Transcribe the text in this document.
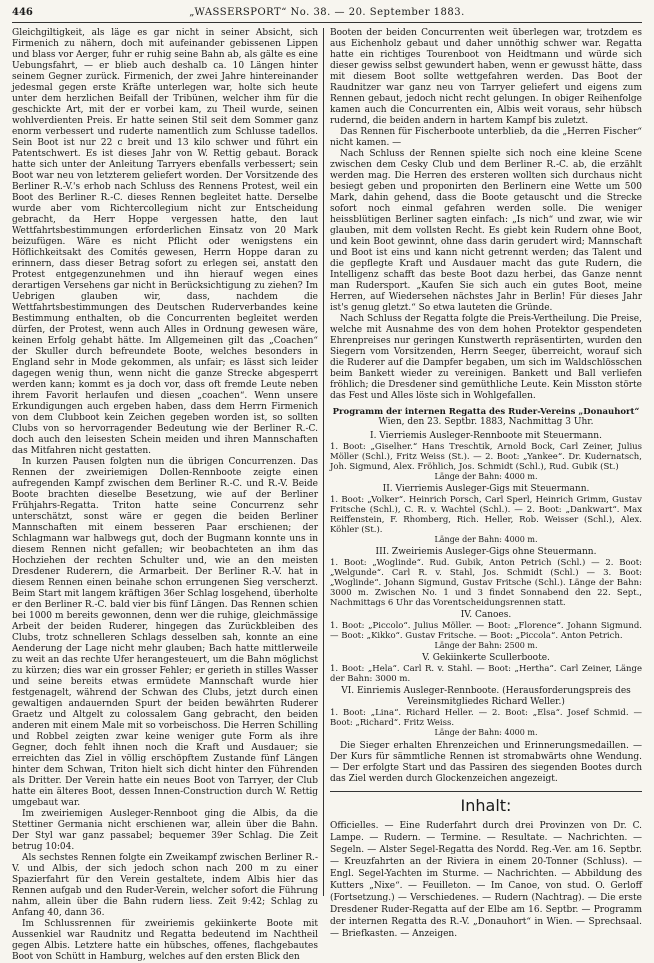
446	„WASSERSPORT“ No. 38. — 20. September 1883.

Gleichgiltigkeit, als läge es gar nicht in seiner Absicht, sich Firmenich zu nähern, doch mit aufeinander gebissenen Lippen und blass vor Aerger, fuhr er ruhig seine Bahn ab, als gälte es eine Uebungsfahrt, — er blieb auch deshalb ca. 10 Längen hinter seinem Gegner zurück. Firmenich, der zwei Jahre hintereinander jedesmal gegen erste Kräfte unterlegen war, holte sich heute unter dem herzlichen Beifall der Tribünen, welcher ihm für die geschickte Art, mit der er vorbei kam, zu Theil wurde, seinen wohlverdienten Preis. Er hatte seinen Stil seit dem Sommer ganz enorm verbessert und ruderte namentlich zum Schlusse tadellos. Sein Boot ist nur 22 c breit und 13 kilo schwer und führt ein Patentschwert. Es ist dieses Jahr von W. Rettig gebaut. Borack hatte sich unter der Anleitung Tarryers ebenfalls verbessert; sein Boot war neu von letzterem geliefert worden. Der Vorsitzende des Berliner R.-V.'s erhob nach Schluss des Rennens Protest, weil ein Boot des Berliner R.-C. dieses Rennen begleitet hatte. Derselbe wurde aber vom Richtercollegium nicht zur Entscheidung gebracht, da Herr Hoppe vergessen hatte, den laut Wettfahrtsbestimmungen erforderlichen Einsatz von 20 Mark beizufügen. Wäre es nicht Pflicht oder wenigstens ein Höflichkeitsakt des Comités gewesen, Herrn Hoppe daran zu erinnern, dass dieser Betrag sofort zu erlegen sei, anstatt den Protest entgegenzunehmen und ihn hierauf wegen eines derartigen Versehens gar nicht in Berücksichtigung zu ziehen? Im Uebrigen glauben wir, dass, nachdem die Wettfahrtsbestimmungen des Deutschen Ruderverbandes keine Bestimmung enthalten, ob die Concurrenten begleitet werden dürfen, der Protest, wenn auch Alles in Ordnung gewesen wäre, keinen Erfolg gehabt hätte. Im Allgemeinen gilt das „Coachen“ der Skuller durch befreundete Boote, welches besonders in England sehr in Mode gekommen, als unfair; es lässt sich leider dagegen wenig thun, wenn nicht die ganze Strecke abgesperrt werden kann; kommt es ja doch vor, dass oft fremde Leute neben ihrem Favorit herlaufen und diesen „coachen“. Wenn unsere Erkundigungen auch ergeben haben, dass dem Herrn Firmenich von dem Clubboot kein Zeichen gegeben worden ist, so sollten Clubs von so hervorragender Bedeutung wie der Berliner R.-C. doch auch den leisesten Schein meiden und ihren Mannschaften das Mitfahren nicht gestatten.

In kurzen Pausen folgten nun die übrigen Concurrenzen. Das Rennen der zweiriemigen Dollen-Rennboote zeigte einen aufregenden Kampf zwischen dem Berliner R.-C. und R.-V. Beide Boote brachten dieselbe Besetzung, wie auf der Berliner Frühjahrs-Regatta. Triton hatte seine Concurrenz sehr unterschätzt, sonst wäre er gegen die beiden Berliner Mannschaften mit einem besseren Paar erschienen; der Schlagmann war halbwegs gut, doch der Bugmann konnte uns in diesem Rennen nicht gefallen; wir beobachteten an ihm das Hochziehen der rechten Schulter und, wie an den meisten Dresdener Ruderern, die Armarbeit. Der Berliner R.-V. hat in diesem Rennen einen beinahe schon errungenen Sieg verscherzt. Beim Start mit langem kräftigen 36er Schlag losgehend, überholte er den Berliner R.-C. bald vier bis fünf Längen. Das Rennen schien bei 1000 m bereits gewonnen, denn wer die ruhige, gleichmässige Arbeit der beiden Ruderer, hingegen das Zurückbleiben des Clubs, trotz schnelleren Schlags desselben sah, konnte an eine Aenderung der Lage nicht mehr glauben; Bach hatte mittlerweile zu weit an das rechte Ufer herangesteuert, um die Bahn möglichst zu kürzen; dies war ein grosser Fehler; er gerieth in stilles Wasser und seine bereits etwas ermüdete Mannschaft wurde hier festgenagelt, während der Schwan des Clubs, jetzt durch einen gewaltigen andauernden Spurt der beiden bewährten Ruderer Graetz und Altgelt zu colossalem Gang gebracht, den beiden anderen mit einem Male mit so vorbeischoss. Die Herren Schilling und Robbel zeigten zwar keine weniger gute Form als ihre Gegner, doch fehlt ihnen noch die Kraft und Ausdauer; sie erreichten das Ziel in völlig erschöpftem Zustande fünf Längen hinter dem Schwan, Triton hielt sich dicht hinter den Führenden als Dritter. Der Verein hatte ein neues Boot von Tarryer, der Club hatte ein älteres Boot, dessen Innen-Construction durch W. Rettig umgebaut war.

Im zweiriemigen Ausleger-Rennboot ging die Albis, da die Stettiner Germania nicht erschienen war, allein über die Bahn. Der Styl war ganz passabel; bequemer 39er Schlag. Die Zeit betrug 10:04.

Als sechstes Rennen folgte ein Zweikampf zwischen Berliner R.-V. und Albis, der sich jedoch schon nach 200 m zu einer Spazierfahrt für den Verein gestaltete, indem Albis hier das Rennen aufgab und den Ruder-Verein, welcher sofort die Führung nahm, allein über die Bahn rudern liess. Zeit 9:42; Schlag zu Anfang 40, dann 36.

Im Schlussrennen für zweiriemis gekiinkerte Boote mit Aussenkiel war Raudnitz und Regatta bedeutend im Nachtheil gegen Albis. Letztere hatte ein hübsches, offenes, flachgebautes Boot von Schütt in Hamburg, welches auf den ersten Blick den

Booten der beiden Concurrenten weit überlegen war, trotzdem es aus Eichenholz gebaut und daher unnöthig schwer war. Regatta hatte ein richtiges Tourenboot von Heidtmann und würde sich dieser gewiss selbst gewundert haben, wenn er gewusst hätte, dass mit diesem Boot sollte wettgefahren werden. Das Boot der Raudnitzer war ganz neu von Tarryer geliefert und eigens zum Rennen gebaut, jedoch nicht recht gelungen. In obiger Reihenfolge kamen auch die Concurrenten ein, Albis weit voraus, sehr hübsch rudernd, die beiden andern in hartem Kampf bis zuletzt.

Das Rennen für Fischerboote unterblieb, da die „Herren Fischer“ nicht kamen. —

Nach Schluss der Rennen spielte sich noch eine kleine Scene zwischen dem Cesky Club und dem Berliner R.-C. ab, die erzählt werden mag. Die Herren des ersteren wollten sich durchaus nicht besiegt geben und proponirten den Berlinern eine Wette um 500 Mark, dahin gehend, dass die Boote getauscht und die Strecke sofort noch einmal gefahren werden solle. Die weniger heissblütigen Berliner sagten einfach: „Is nich“ und zwar, wie wir glauben, mit dem vollsten Recht. Es giebt kein Rudern ohne Boot, und kein Boot gewinnt, ohne dass darin gerudert wird; Mannschaft und Boot ist eins und kann nicht getrennt werden; das Talent und die gepflegte Kraft und Ausdauer macht das gute Rudern, die Intelligenz schafft das beste Boot dazu herbei, das Ganze nennt man Rudersport. „Kaufen Sie sich auch ein gutes Boot, meine Herren, auf Wiedersehen nächstes Jahr in Berlin! Für dieses Jahr ist's genug gletzt.“ So etwa lauteten die Gründe.

Nach Schluss der Regatta folgte die Preis-Vertheilung. Die Preise, welche mit Ausnahme des von dem hohen Protektor gespendeten Ehrenpreises nur geringen Kunstwerth repräsentirten, wurden den Siegern vom Vorsitzenden, Herrn Seeger, überreicht, worauf sich die Ruderer auf die Dampfer begaben, um sich im Waldschlösschen beim Bankett wieder zu vereinigen. Bankett und Ball verliefen fröhlich; die Dresdener sind gemüthliche Leute. Kein Misston störte das Fest und Alles löste sich in Wohlgefallen.

Programm der internen Regatta des Ruder-Vereins „Donauhort“
Wien, den 23. Septbr. 1883, Nachmittag 3 Uhr.
I. Vierriemis Ausleger-Rennboote mit Steuermann.
1. Boot: „Giselher.“ Hans Treschtik, Arnold Bock, Carl Zeiner, Julius Möller (Schl.), Fritz Weiss (St.). — 2. Boot: „Yankee“. Dr. Kudernatsch, Joh. Sigmund, Alex. Fröhlich, Jos. Schmidt (Schl.), Rud. Gubik (St.)
Länge der Bahn: 4000 m.
II. Vierriemis Ausleger-Gigs mit Steuermann.
1. Boot: „Volker“. Heinrich Porsch, Carl Sperl, Heinrich Grimm, Gustav Fritsche (Schl.), C. R. v. Wachtel (Schl.). — 2. Boot: „Dankwart“. Max Reiffenstein, F. Rhomberg, Rich. Heller, Rob. Weisser (Schl.), Alex. Köhler (St.).
Länge der Bahn: 4000 m.
III. Zweiriemis Ausleger-Gigs ohne Steuermann.
1. Boot: „Woglinde“. Rud. Gubik, Anton Petrich (Schl.) — 2. Boot: „Welgunde“. Carl R. v. Stahl, Jos. Schmidt (Schl.) — 3. Boot: „Woglinde“. Johann Sigmund, Gustav Fritsche (Schl.). Länge der Bahn: 3000 m. Zwischen No. 1 und 3 findet Sonnabend den 22. Sept., Nachmittags 6 Uhr das Vorentscheidungsrennen statt.
IV. Canoes.
1. Boot: „Piccolo“. Julius Möller. — Boot: „Florence“. Johann Sigmund. — Boot: „Kikko“. Gustav Fritsche. — Boot: „Piccola“. Anton Petrich.
Länge der Bahn: 2500 m.
V. Gekiinkerte Scullerboote.
1. Boot: „Hela“. Carl R. v. Stahl. — Boot: „Hertha“. Carl Zeiner, Länge der Bahn: 3000 m.
VI. Einriemis Ausleger-Rennboote. (Herausforderungspreis des Vereinsmitgliedes Richard Weller.)
1. Boot: „Lina“. Richard Heller. — 2. Boot: „Elsa“. Josef Schmid. — Boot: „Richard“. Fritz Weiss.
Länge der Bahn: 4000 m.

Die Sieger erhalten Ehrenzeichen und Erinnerungsmedaillen. — Der Kurs für sämmtliche Rennen ist stromabwärts ohne Wendung. — Der erfolgte Start und das Passiren des siegenden Bootes durch das Ziel werden durch Glockenzeichen angezeigt.

Inhalt:
Officielles. — Eine Ruderfahrt durch drei Provinzen von Dr. C. Lampe. — Rudern. — Termine. — Resultate. — Nachrichten. — Segeln. — Alster Segel-Regatta des Nordd. Reg.-Ver. am 16. Septbr. — Kreuzfahrten an der Riviera in einem 20-Tonner (Schluss). — Engl. Segel-Yachten im Sturme. — Nachrichten. — Abbildung des Kutters „Nixe“. — Feuilleton. — Im Canoe, von stud. O. Gerloff (Fortsetzung.) — Verschiedenes. — Rudern (Nachtrag). — Die erste Dresdener Ruder-Regatta auf der Elbe am 16. Septbr. — Programm der internen Regatta des R.-V. „Donauhort“ in Wien. — Sprechsaal. — Briefkasten. — Anzeigen.
